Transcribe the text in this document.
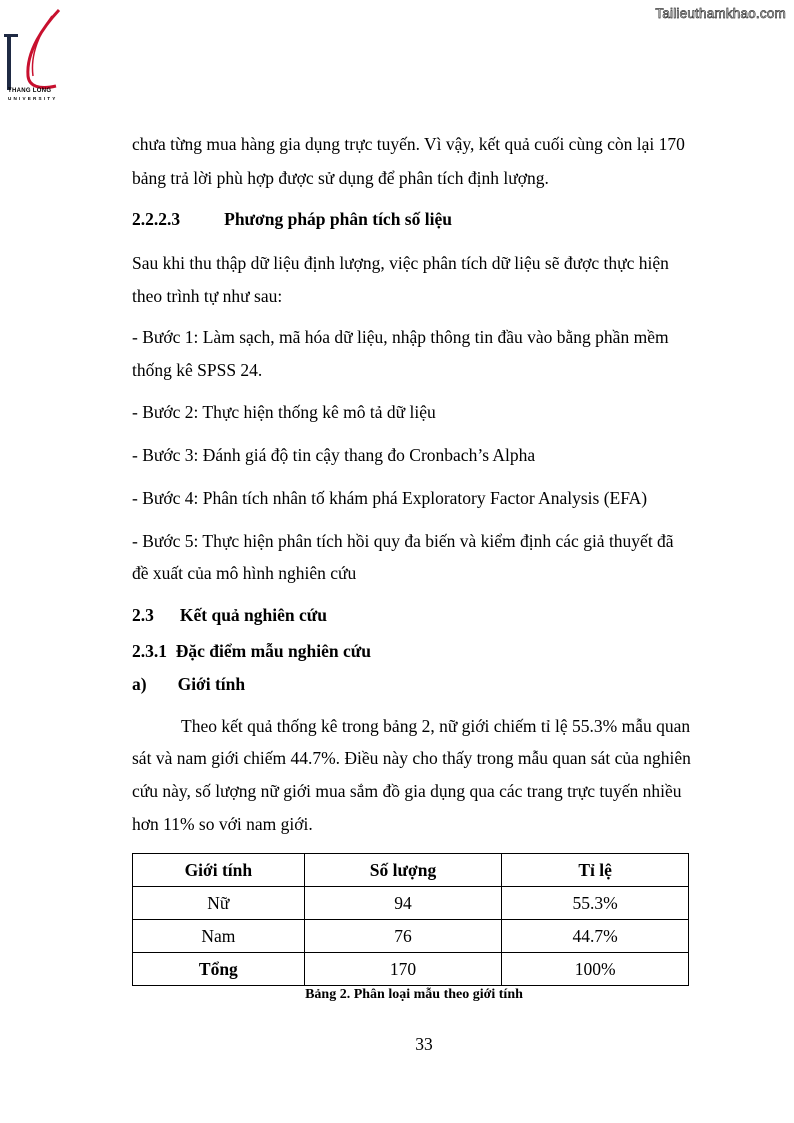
THANG LONG
UNIVERSITY
Tailieuthamkhao.com
chưa từng mua hàng gia dụng trực tuyến. Vì vậy, kết quả cuối cùng còn lại 170
bảng trả lời phù hợp được sử dụng để phân tích định lượng.
2.2.2.3	Phương pháp phân tích số liệu
Sau khi thu thập dữ liệu định lượng, việc phân tích dữ liệu sẽ được thực hiện
theo trình tự như sau:
- Bước 1: Làm sạch, mã hóa dữ liệu, nhập thông tin đầu vào bằng phần mềm
thống kê SPSS 24.
- Bước 2: Thực hiện thống kê mô tả dữ liệu
- Bước 3: Đánh giá độ tin cậy thang đo Cronbach’s Alpha
- Bước 4: Phân tích nhân tố khám phá Exploratory Factor Analysis (EFA)
- Bước 5: Thực hiện phân tích hồi quy đa biến và kiểm định các giả thuyết đã
đề xuất của mô hình nghiên cứu
2.3 Kết quả nghiên cứu
2.3.1  Đặc điểm mẫu nghiên cứu
a) Giới tính
Theo kết quả thống kê trong bảng 2, nữ giới chiếm tỉ lệ 55.3% mẫu quan
sát và nam giới chiếm 44.7%. Điều này cho thấy trong mẫu quan sát của nghiên
cứu này, số lượng nữ giới mua sắm đồ gia dụng qua các trang trực tuyến nhiều
hơn 11% so với nam giới.
Giới tính	Số lượng	Tỉ lệ
Nữ	94	55.3%
Nam	76	44.7%
Tổng	170	100%
Bảng 2. Phân loại mẫu theo giới tính
33
